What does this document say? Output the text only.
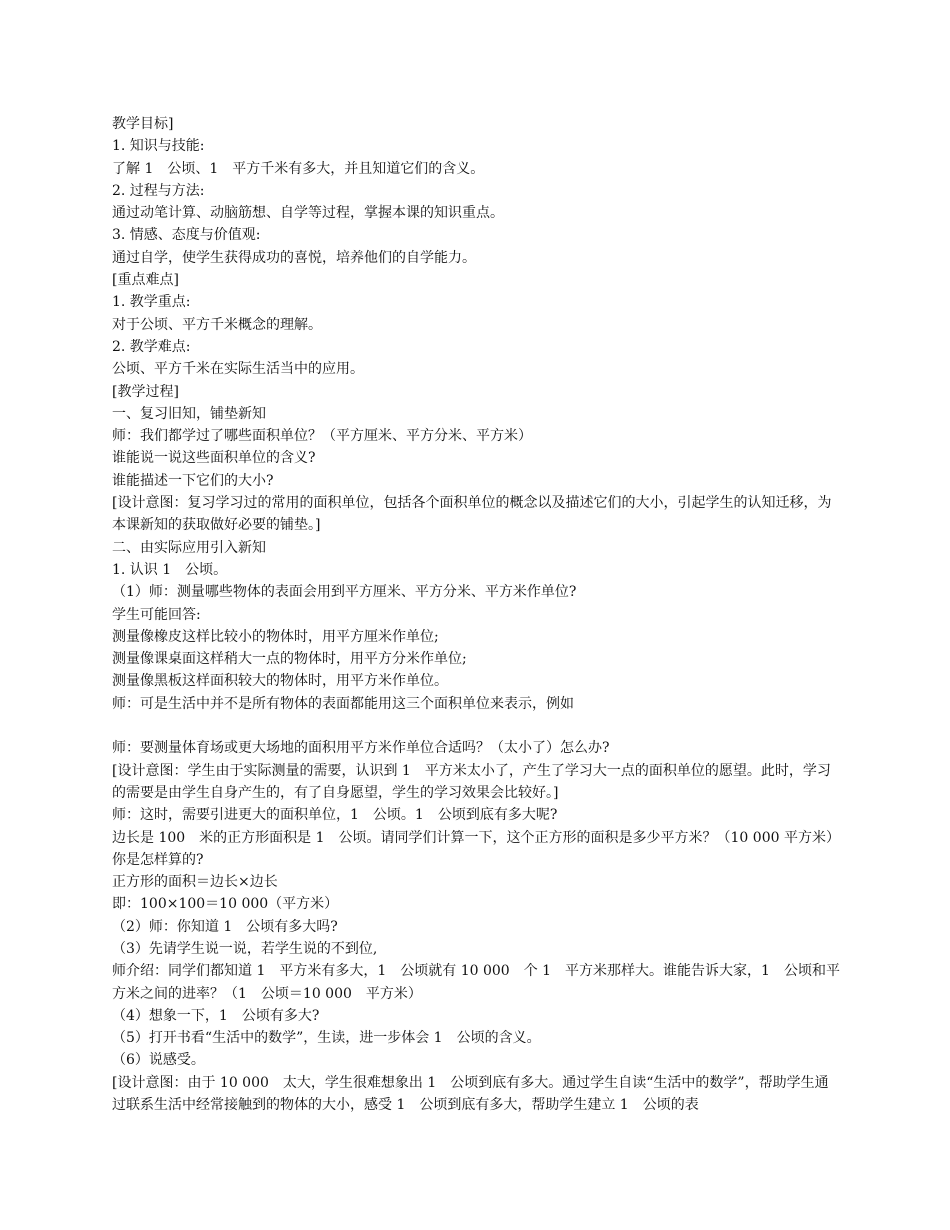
教学目标]
1. 知识与技能:
了解 1　公顷、1　平方千米有多大，并且知道它们的含义。
2. 过程与方法:
通过动笔计算、动脑筋想、自学等过程，掌握本课的知识重点。
3. 情感、态度与价值观:
通过自学，使学生获得成功的喜悦，培养他们的自学能力。
[重点难点]
1. 教学重点:
对于公顷、平方千米概念的理解。
2. 教学难点:
公顷、平方千米在实际生活当中的应用。
[教学过程]
一、复习旧知，铺垫新知
师：我们都学过了哪些面积单位？（平方厘米、平方分米、平方米）
谁能说一说这些面积单位的含义?
谁能描述一下它们的大小?
[设计意图：复习学习过的常用的面积单位，包括各个面积单位的概念以及描述它们的大小，引起学生的认知迁移，为本课新知的获取做好必要的铺垫。]
二、由实际应用引入新知
1. 认识 1　公顷。
（1）师：测量哪些物体的表面会用到平方厘米、平方分米、平方米作单位?
学生可能回答:
测量像橡皮这样比较小的物体时，用平方厘米作单位;
测量像课桌面这样稍大一点的物体时，用平方分米作单位;
测量像黑板这样面积较大的物体时，用平方米作单位。
师：可是生活中并不是所有物体的表面都能用这三个面积单位来表示，例如
师：要测量体育场或更大场地的面积用平方米作单位合适吗？（太小了）怎么办?
[设计意图：学生由于实际测量的需要，认识到 1　平方米太小了，产生了学习大一点的面积单位的愿望。此时，学习的需要是由学生自身产生的，有了自身愿望，学生的学习效果会比较好。]
师：这时，需要引进更大的面积单位，1　公顷。1　公顷到底有多大呢?
边长是 100　米的正方形面积是 1　公顷。请同学们计算一下，这个正方形的面积是多少平方米？（10 000 平方米）你是怎样算的?
正方形的面积＝边长×边长
即：100×100＝10 000（平方米）
（2）师：你知道 1　公顷有多大吗?
（3）先请学生说一说，若学生说的不到位,
师介绍：同学们都知道 1　平方米有多大，1　公顷就有 10 000　个 1　平方米那样大。谁能告诉大家，1　公顷和平方米之间的进率？（1　公顷＝10 000　平方米）
（4）想象一下，1　公顷有多大?
（5）打开书看“生活中的数学”，生读，进一步体会 1　公顷的含义。
（6）说感受。
[设计意图：由于 10 000　太大，学生很难想象出 1　公顷到底有多大。通过学生自读“生活中的数学”，帮助学生通过联系生活中经常接触到的物体的大小，感受 1　公顷到底有多大，帮助学生建立 1　公顷的表
